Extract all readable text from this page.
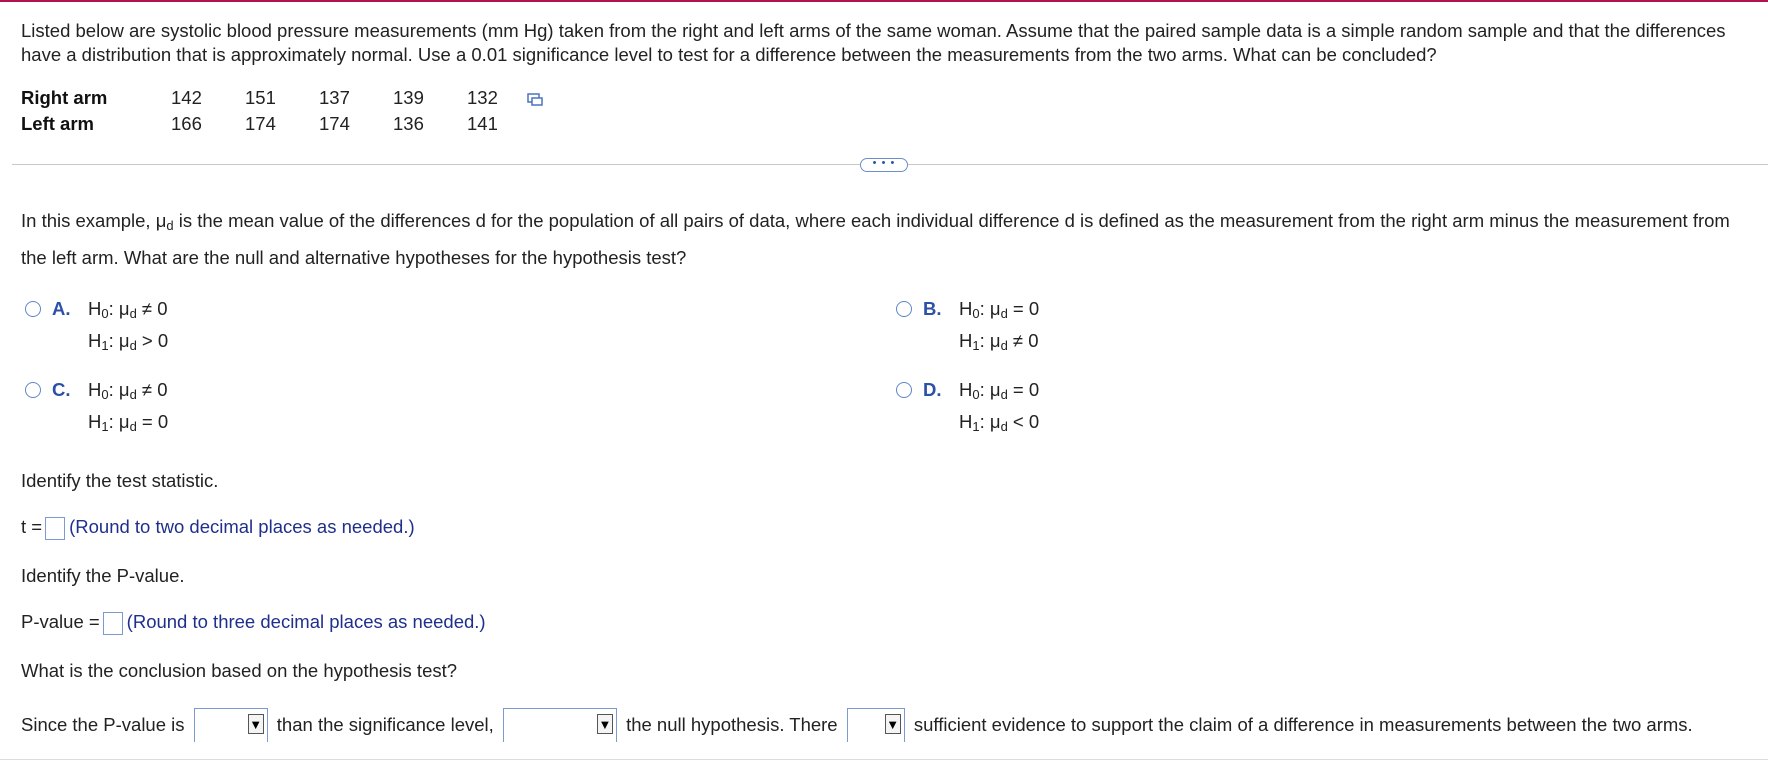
Listed below are systolic blood pressure measurements (mm Hg) taken from the right and left arms of the same woman. Assume that the paired sample data is a simple random sample and that the differences have a distribution that is approximately normal. Use a 0.01 significance level to test for a difference between the measurements from the two arms. What can be concluded?
Right arm	142	151	137	139	132
Left arm	166	174	174	136	141
• • •
In this example, $\mu_d$ is the mean value of the differences d for the population of all pairs of data, where each individual difference d is defined as the measurement from the right arm minus the measurement from the left arm. What are the null and alternative hypotheses for the hypothesis test?
A. $H_0$: $\mu_d \ne 0$
$H_1$: $\mu_d > 0$
B. $H_0$: $\mu_d = 0$
$H_1$: $\mu_d \ne 0$
C. $H_0$: $\mu_d \ne 0$
$H_1$: $\mu_d = 0$
D. $H_0$: $\mu_d = 0$
$H_1$: $\mu_d < 0$
Identify the test statistic.
t = (Round to two decimal places as needed.)
Identify the P-value.
P-value = (Round to three decimal places as needed.)
What is the conclusion based on the hypothesis test?
Since the P-value is	▼ than the significance level,	▼ the null hypothesis. There	▼ sufficient evidence to support the claim of a difference in measurements between the two arms.
